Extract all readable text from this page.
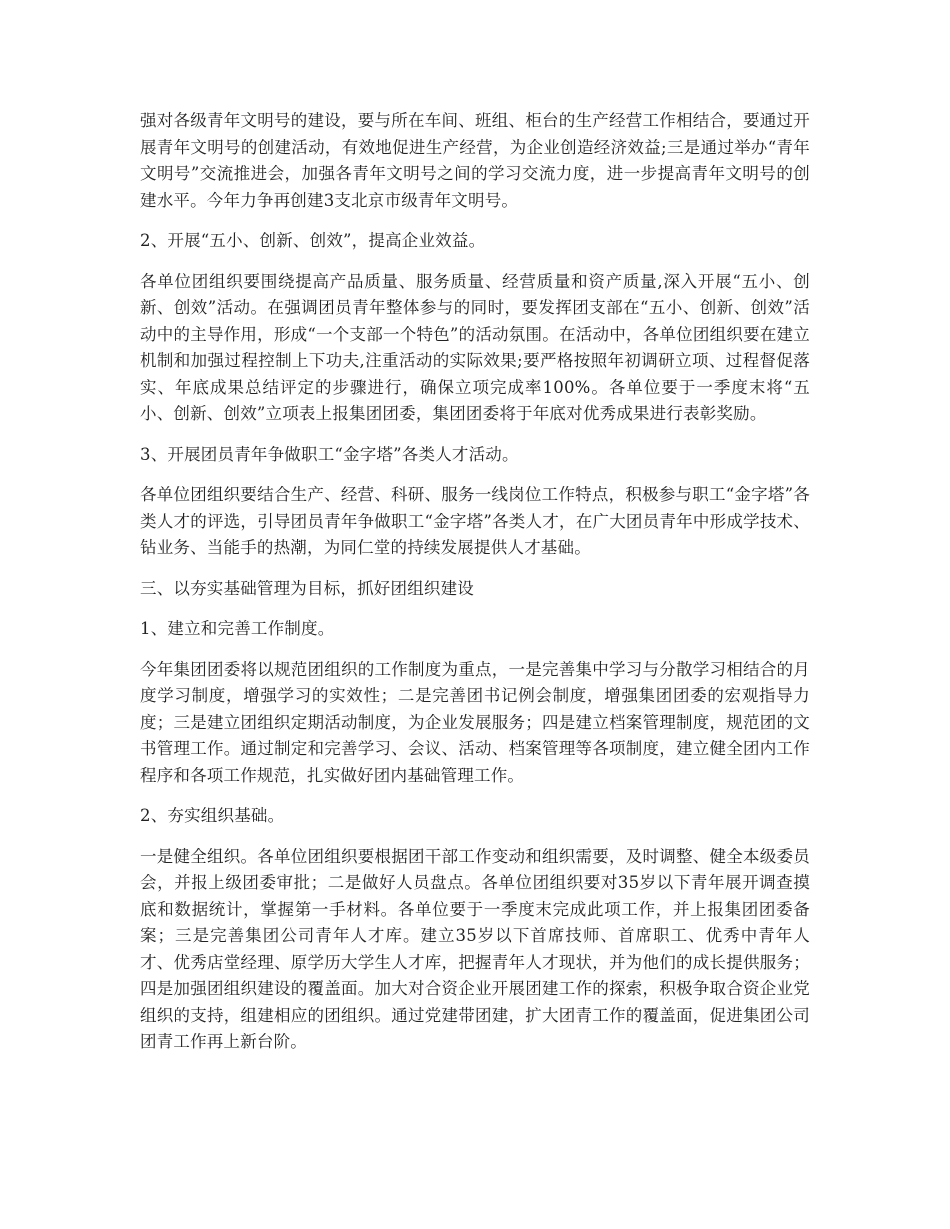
强对各级青年文明号的建设，要与所在车间、班组、柜台的生产经营工作相结合，要通过开展青年文明号的创建活动，有效地促进生产经营，为企业创造经济效益;三是通过举办“青年文明号”交流推进会，加强各青年文明号之间的学习交流力度，进一步提高青年文明号的创建水平。今年力争再创建3支北京市级青年文明号。

2、开展“五小、创新、创效”，提高企业效益。

各单位团组织要围绕提高产品质量、服务质量、经营质量和资产质量,深入开展“五小、创新、创效”活动。在强调团员青年整体参与的同时，要发挥团支部在“五小、创新、创效”活动中的主导作用，形成“一个支部一个特色”的活动氛围。在活动中，各单位团组织要在建立机制和加强过程控制上下功夫,注重活动的实际效果;要严格按照年初调研立项、过程督促落实、年底成果总结评定的步骤进行，确保立项完成率100%。各单位要于一季度末将“五小、创新、创效”立项表上报集团团委，集团团委将于年底对优秀成果进行表彰奖励。

3、开展团员青年争做职工“金字塔”各类人才活动。

各单位团组织要结合生产、经营、科研、服务一线岗位工作特点，积极参与职工“金字塔”各类人才的评选，引导团员青年争做职工“金字塔”各类人才，在广大团员青年中形成学技术、钻业务、当能手的热潮，为同仁堂的持续发展提供人才基础。

三、以夯实基础管理为目标，抓好团组织建设

1、建立和完善工作制度。

今年集团团委将以规范团组织的工作制度为重点，一是完善集中学习与分散学习相结合的月度学习制度，增强学习的实效性；二是完善团书记例会制度，增强集团团委的宏观指导力度；三是建立团组织定期活动制度，为企业发展服务；四是建立档案管理制度，规范团的文书管理工作。通过制定和完善学习、会议、活动、档案管理等各项制度，建立健全团内工作程序和各项工作规范，扎实做好团内基础管理工作。

2、夯实组织基础。

一是健全组织。各单位团组织要根据团干部工作变动和组织需要，及时调整、健全本级委员会，并报上级团委审批；二是做好人员盘点。各单位团组织要对35岁以下青年展开调查摸底和数据统计，掌握第一手材料。各单位要于一季度末完成此项工作，并上报集团团委备案；三是完善集团公司青年人才库。建立35岁以下首席技师、首席职工、优秀中青年人才、优秀店堂经理、原学历大学生人才库，把握青年人才现状，并为他们的成长提供服务；四是加强团组织建设的覆盖面。加大对合资企业开展团建工作的探索，积极争取合资企业党组织的支持，组建相应的团组织。通过党建带团建，扩大团青工作的覆盖面，促进集团公司团青工作再上新台阶。
